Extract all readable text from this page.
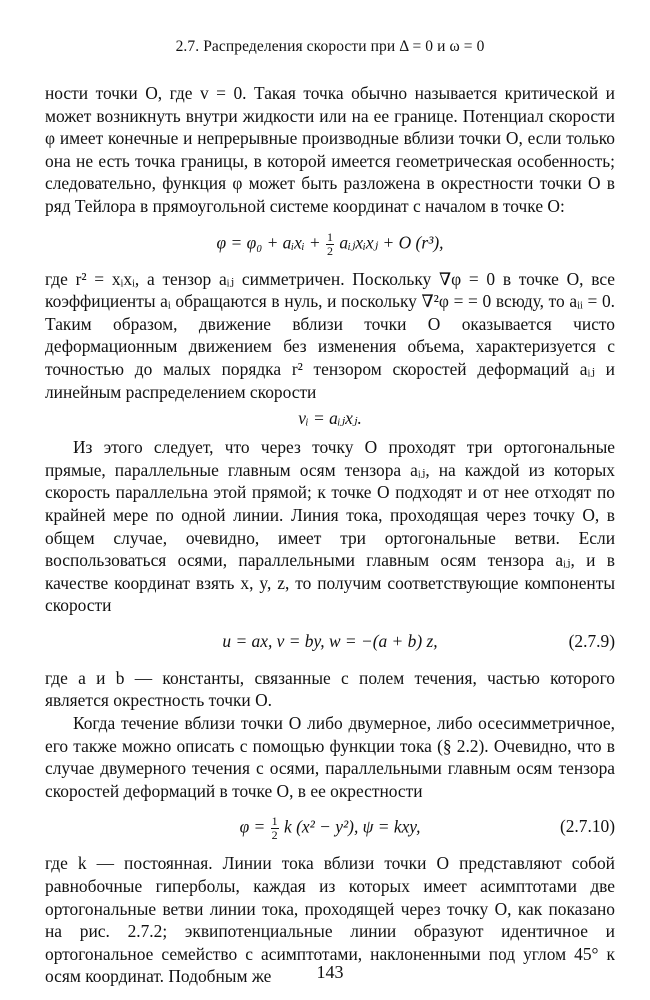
2.7. Распределения скорости при Δ = 0 и ω = 0

ности точки O, где v = 0. Такая точка обычно называется критической и может возникнуть внутри жидкости или на ее границе. Потенциал скорости φ имеет конечные и непрерывные производные вблизи точки O, если только она не есть точка границы, в которой имеется геометрическая особенность; следовательно, функция φ может быть разложена в окрестности точки O в ряд Тейлора в прямоугольной системе координат с началом в точке O:

φ = φ₀ + aᵢxᵢ + $\frac{1}{2}$ aᵢⱼxᵢxⱼ + O (r³),

где r² = xᵢxᵢ, а тензор aᵢⱼ симметричен. Поскольку ∇φ = 0 в точке O, все коэффициенты aᵢ обращаются в нуль, и поскольку ∇²φ = = 0 всюду, то aᵢᵢ = 0. Таким образом, движение вблизи точки O оказывается чисто деформационным движением без изменения объема, характеризуется с точностью до малых порядка r² тензором скоростей деформаций aᵢⱼ и линейным распределением скорости

vᵢ = aᵢⱼxⱼ.

Из этого следует, что через точку O проходят три ортогональные прямые, параллельные главным осям тензора aᵢⱼ, на каждой из которых скорость параллельна этой прямой; к точке O подходят и от нее отходят по крайней мере по одной линии. Линия тока, проходящая через точку O, в общем случае, очевидно, имеет три ортогональные ветви. Если воспользоваться осями, параллельными главным осям тензора aᵢⱼ, и в качестве координат взять x, y, z, то получим соответствующие компоненты скорости

u = ax, v = by, w = −(a + b) z,	(2.7.9)

где a и b — константы, связанные с полем течения, частью которого является окрестность точки O.

Когда течение вблизи точки O либо двумерное, либо осесимметричное, его также можно описать с помощью функции тока (§ 2.2). Очевидно, что в случае двумерного течения с осями, параллельными главным осям тензора скоростей деформаций в точке O, в ее окрестности

$\varphi = \frac{1}{2}$ k (x² − y²), ψ = kxy,	(2.7.10)

где k — постоянная. Линии тока вблизи точки O представляют собой равнобочные гиперболы, каждая из которых имеет асимптотами две ортогональные ветви линии тока, проходящей через точку O, как показано на рис. 2.7.2; эквипотенциальные линии образуют идентичное и ортогональное семейство с асимптотами, наклоненными под углом 45° к осям координат. Подобным же	143
